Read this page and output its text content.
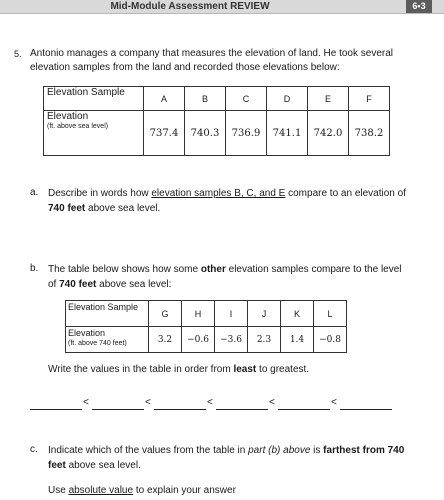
Mid-Module Assessment REVIEW	6•3
5. Antonio manages a company that measures the elevation of land. He took several elevation samples from the land and recorded those elevations below:
Elevation Sample	A	B	C	D	E	F
Elevation
(ft. above sea level)	737.4	740.3	736.9	741.1	742.0	738.2
a. Describe in words how elevation samples B, C, and E compare to an elevation of 740 feet above sea level.
b. The table below shows how some other elevation samples compare to the level of 740 feet above sea level:
Elevation Sample	G	H	I	J	K	L
Elevation
(ft. above 740 feet)	3.2	−0.6	−3.6	2.3	1.4	−0.8
Write the values in the table in order from least to greatest.
<	<	<	<	<
c. Indicate which of the values from the table in part (b) above is farthest from 740 feet above sea level.
Use absolute value to explain your answer
